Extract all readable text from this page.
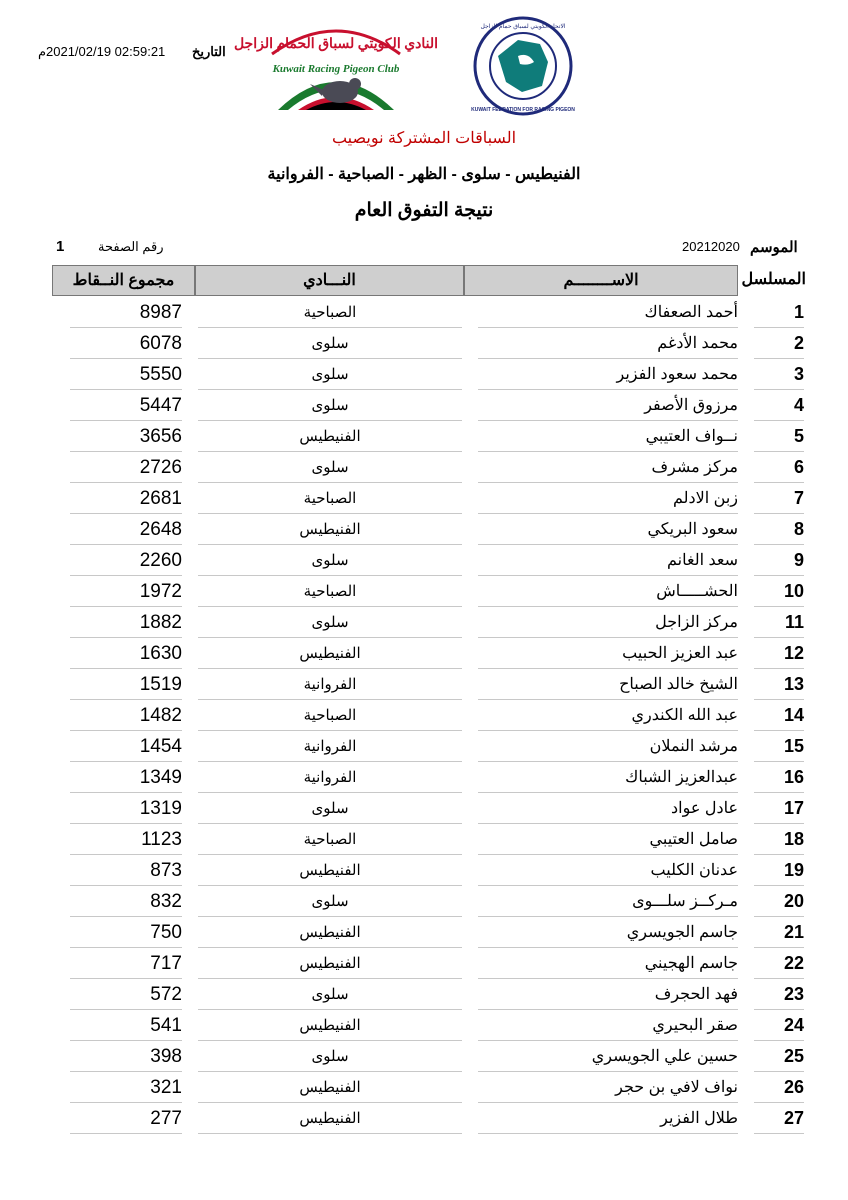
التاريخ
2021/02/19 02:59:21
م	النادي الكويتي لسباق الحمام الزاجل
Kuwait Racing Pigeon Club
الاتحاد الكويتي لسباق حمام الزاجل
KUWAIT FEDRATION FOR RACING PIGEON
السباقات المشتركة نويصيب
الفنيطيس - سلوى - الظهر - الصباحية - الفروانية
نتيجة التفوق العام
الموسم
20212020
رقم الصفحة
1
المسلسل
الاســــــــم
النـــادي
مجموع النــقاط
1
أحمد الصعفاك
الصباحية
8987
2
محمد الأدغم
سلوى
6078
3
محمد سعود الفزير
سلوى
5550
4
مرزوق الأصفر
سلوى
5447
5
نــواف العتيبي
الفنيطيس
3656
6
مركز مشرف
سلوى
2726
7
زبن الادلم
الصباحية
2681
8
سعود البريكي
الفنيطيس
2648
9
سعد الغانم
سلوى
2260
10
الحشـــــاش
الصباحية
1972
11
مركز الزاجل
سلوى
1882
12
عبد العزيز الحبيب
الفنيطيس
1630
13
الشيخ خالد الصباح
الفروانية
1519
14
عبد الله الكندري
الصباحية
1482
15
مرشد النملان
الفروانية
1454
16
عبدالعزيز الشباك
الفروانية
1349
17
عادل عواد
سلوى
1319
18
صامل العتيبي
الصباحية
1123
19
عدنان الكليب
الفنيطيس
873
20
مـركــز سلـــوى
سلوى
832
21
جاسم الجويسري
الفنيطيس
750
22
جاسم الهجيني
الفنيطيس
717
23
فهد الحجرف
سلوى
572
24
صقر البحيري
الفنيطيس
541
25
حسين علي الجويسري
سلوى
398
26
نواف لافي بن حجر
الفنيطيس
321
27
طلال الفزير
الفنيطيس
277
